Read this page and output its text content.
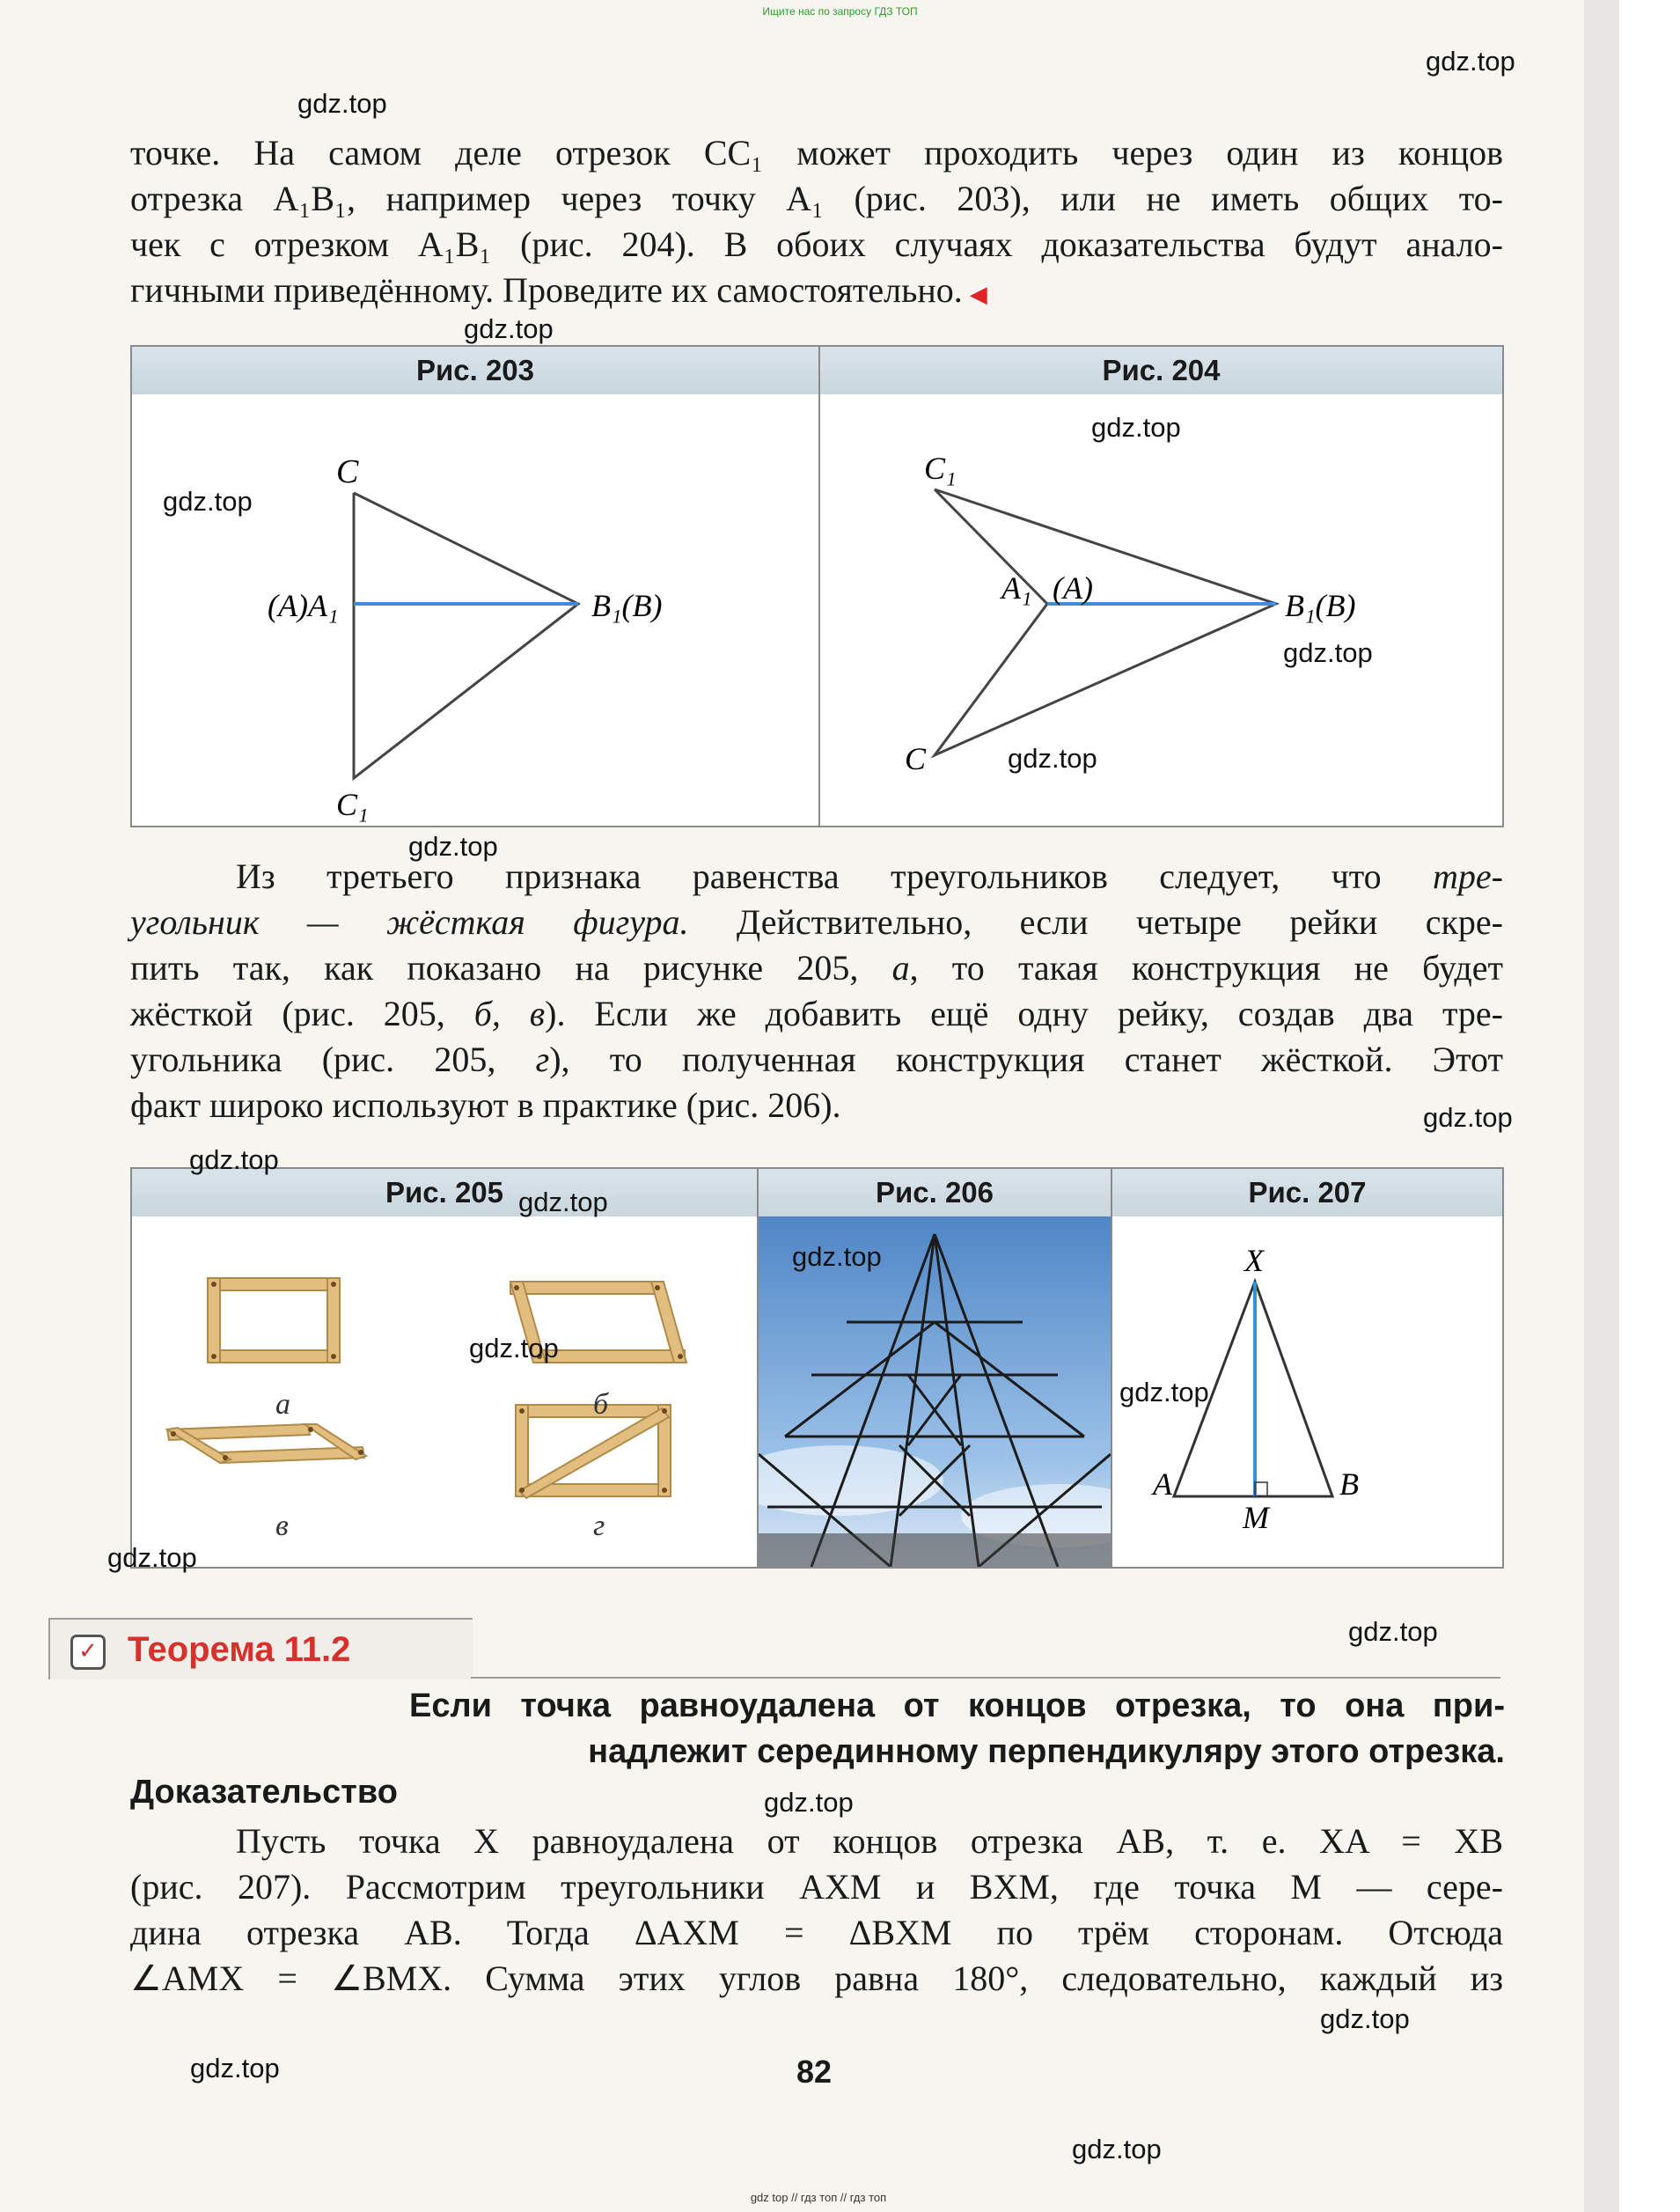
Ищите нас по запросу ГДЗ ТОП
точке. На самом деле отрезок CC₁ может проходить через один из концов
отрезка A₁B₁, например через точку A₁ (рис. 203), или не иметь общих то-
чек с отрезком A₁B₁ (рис. 204). В обоих случаях доказательства будут анало-
гичными приведённому. Проведите их самостоятельно. ◀
Рис. 203	Рис. 204
C
(A)A₁	B₁(B)
C₁
C₁
A₁ (A)	B₁(B)
C
Из третьего признака равенства треугольников следует, что тре-
угольник — жёсткая фигура. Действительно, если четыре рейки скре-
пить так, как показано на рисунке 205, а, то такая конструкция не будет
жёсткой (рис. 205, б, в). Если же добавить ещё одну рейку, создав два тре-
угольника (рис. 205, г), то полученная конструкция станет жёсткой. Этот
факт широко используют в практике (рис. 206).
Рис. 205	Рис. 206	Рис. 207
а	б
в	г
X
A
M
B
✓ Теорема 11.2
Если точка равноудалена от концов отрезка, то она при-
надлежит серединному перпендикуляру этого отрезка.
Доказательство
Пусть точка X равноудалена от концов отрезка AB, т. е. XA = XB
(рис. 207). Рассмотрим треугольники AXM и BXM, где точка M — сере-
дина отрезка AB. Тогда ΔAXM = ΔBXM по трём сторонам. Отсюда
∠AMX = ∠BMX. Сумма этих углов равна 180°, следовательно, каждый из
82
gdz.top
gdz.top
gdz.top
gdz.top
gdz.top
gdz.top
gdz.top
gdz.top
gdz.top
gdz.top
gdz.top
gdz.top
gdz.top
gdz.top
gdz.top
gdz.top
gdz.top
gdz.top
gdz.top
gdz.top
gdz top // гдз топ // гдз топ
